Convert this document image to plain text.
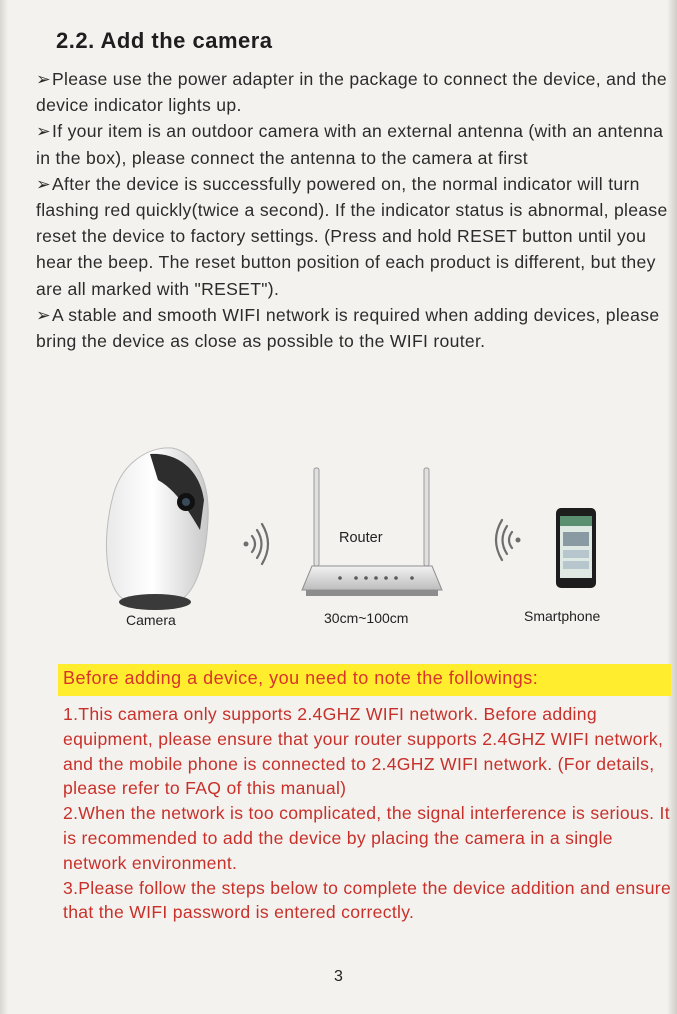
2.2. Add the camera

➢Please use the power adapter in the package to connect the device, and the device indicator lights up.

➢If your item is an outdoor camera with an external antenna (with an antenna in the box), please connect the antenna to the camera at first

➢After the device is successfully powered on, the normal indicator will turn flashing red quickly(twice a second). If the indicator status is abnormal, please reset the device to factory settings. (Press and hold RESET button until you hear the beep. The reset button position of each product is different, but they are all marked with "RESET").

➢A stable and smooth WIFI network is required when adding devices, please bring the device as close as possible to the WIFI router.

Router
Camera	30cm~100cm	Smartphone
Before adding a device, you need to note the followings:

1.This camera only supports 2.4GHZ WIFI network. Before adding equipment, please ensure that your router supports 2.4GHZ WIFI network, and the mobile phone is connected to 2.4GHZ WIFI network. (For details, please refer to FAQ of this manual)

2.When the network is too complicated, the signal interference is serious. It is recommended to add the device by placing the camera in a single network environment.

3.Please follow the steps below to complete the device addition and ensure that the WIFI password is entered correctly.

3
